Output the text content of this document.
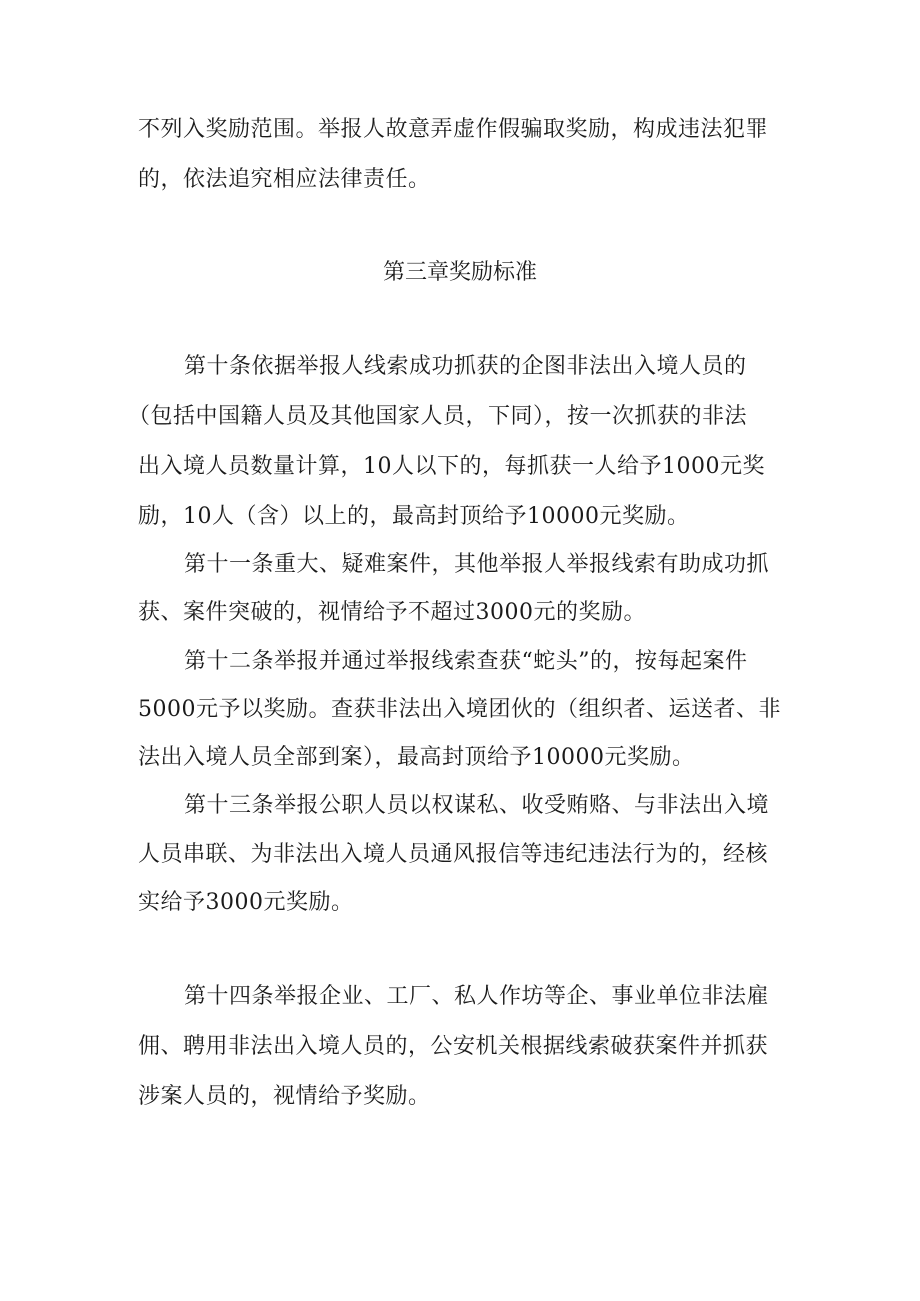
不列入奖励范围。举报人故意弄虚作假骗取奖励，构成违法犯罪
的，依法追究相应法律责任。
第三章奖励标准
第十条依据举报人线索成功抓获的企图非法出入境人员的
（包括中国籍人员及其他国家人员，下同），按一次抓获的非法
出入境人员数量计算，10人以下的，每抓获一人给予1000元奖
励，10人（含）以上的，最高封顶给予10000元奖励。
第十一条重大、疑难案件，其他举报人举报线索有助成功抓
获、案件突破的，视情给予不超过3000元的奖励。
第十二条举报并通过举报线索查获“蛇头”的，按每起案件
5000元予以奖励。查获非法出入境团伙的（组织者、运送者、非
法出入境人员全部到案），最高封顶给予10000元奖励。
第十三条举报公职人员以权谋私、收受贿赂、与非法出入境
人员串联、为非法出入境人员通风报信等违纪违法行为的，经核
实给予3000元奖励。
第十四条举报企业、工厂、私人作坊等企、事业单位非法雇
佣、聘用非法出入境人员的，公安机关根据线索破获案件并抓获
涉案人员的，视情给予奖励。
